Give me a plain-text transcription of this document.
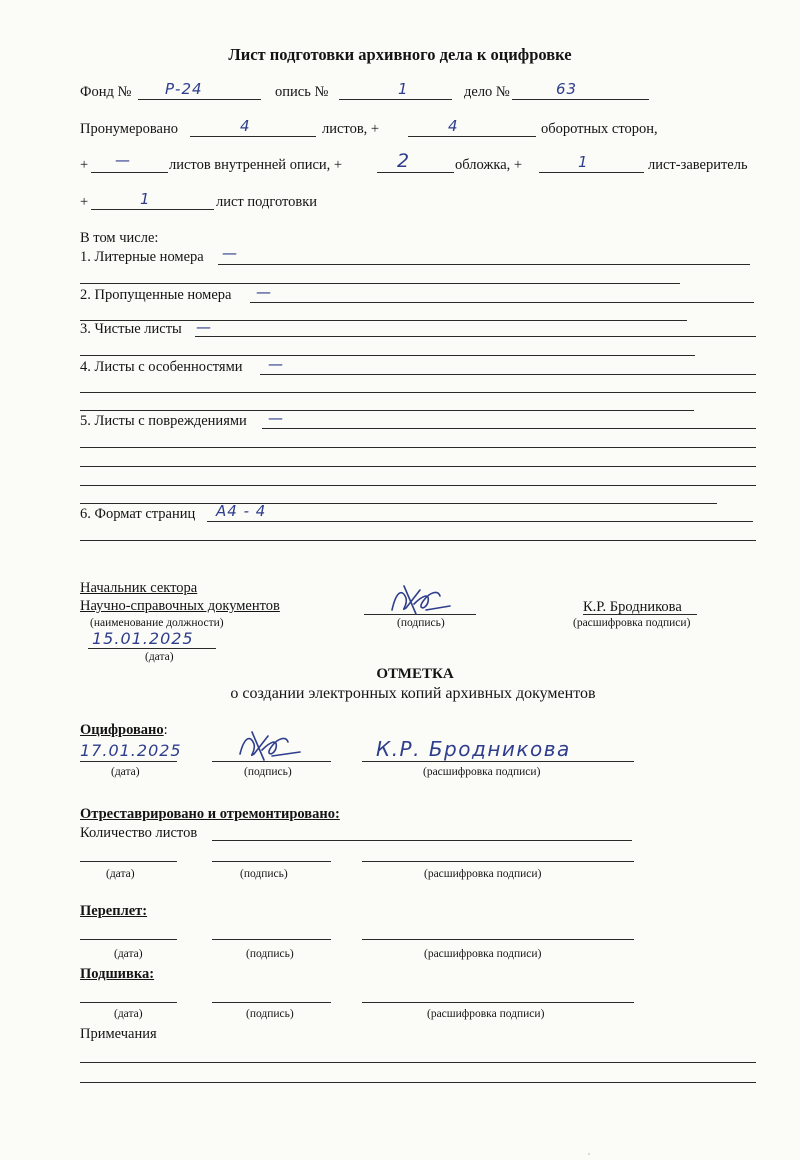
Лист подготовки архивного дела к оцифровке
Фонд № Р-24	опись №	1	дело №	63
Пронумеровано	4	листов, +	4	оборотных сторон,
+ —	листов внутренней описи, +	2	обложка, +	1	лист-заверитель
+	1	лист подготовки
В том числе:
1. Литерные номера —
2. Пропущенные номера —
3. Чистые листы —
4. Листы с особенностями —
5. Листы с повреждениями —
6. Формат страниц А4 - 4
Начальник сектора
Научно-справочных документов
(наименование должности)	(подпись)
К.Р. Бродникова
(расшифровка подписи)
15.01.2025
(дата)
ОТМЕТКА
о создании электронных копий архивных документов
Оцифровано:
17.01.2025	К.Р. Бродникова
(дата)	(подпись)	(расшифровка подписи)
Отреставрировано и отремонтировано:
Количество листов
(дата)	(подпись)	(расшифровка подписи)
Переплет:
(дата)	(подпись)	(расшифровка подписи)
Подшивка:
(дата)	(подпись)	(расшифровка подписи)
Примечания
